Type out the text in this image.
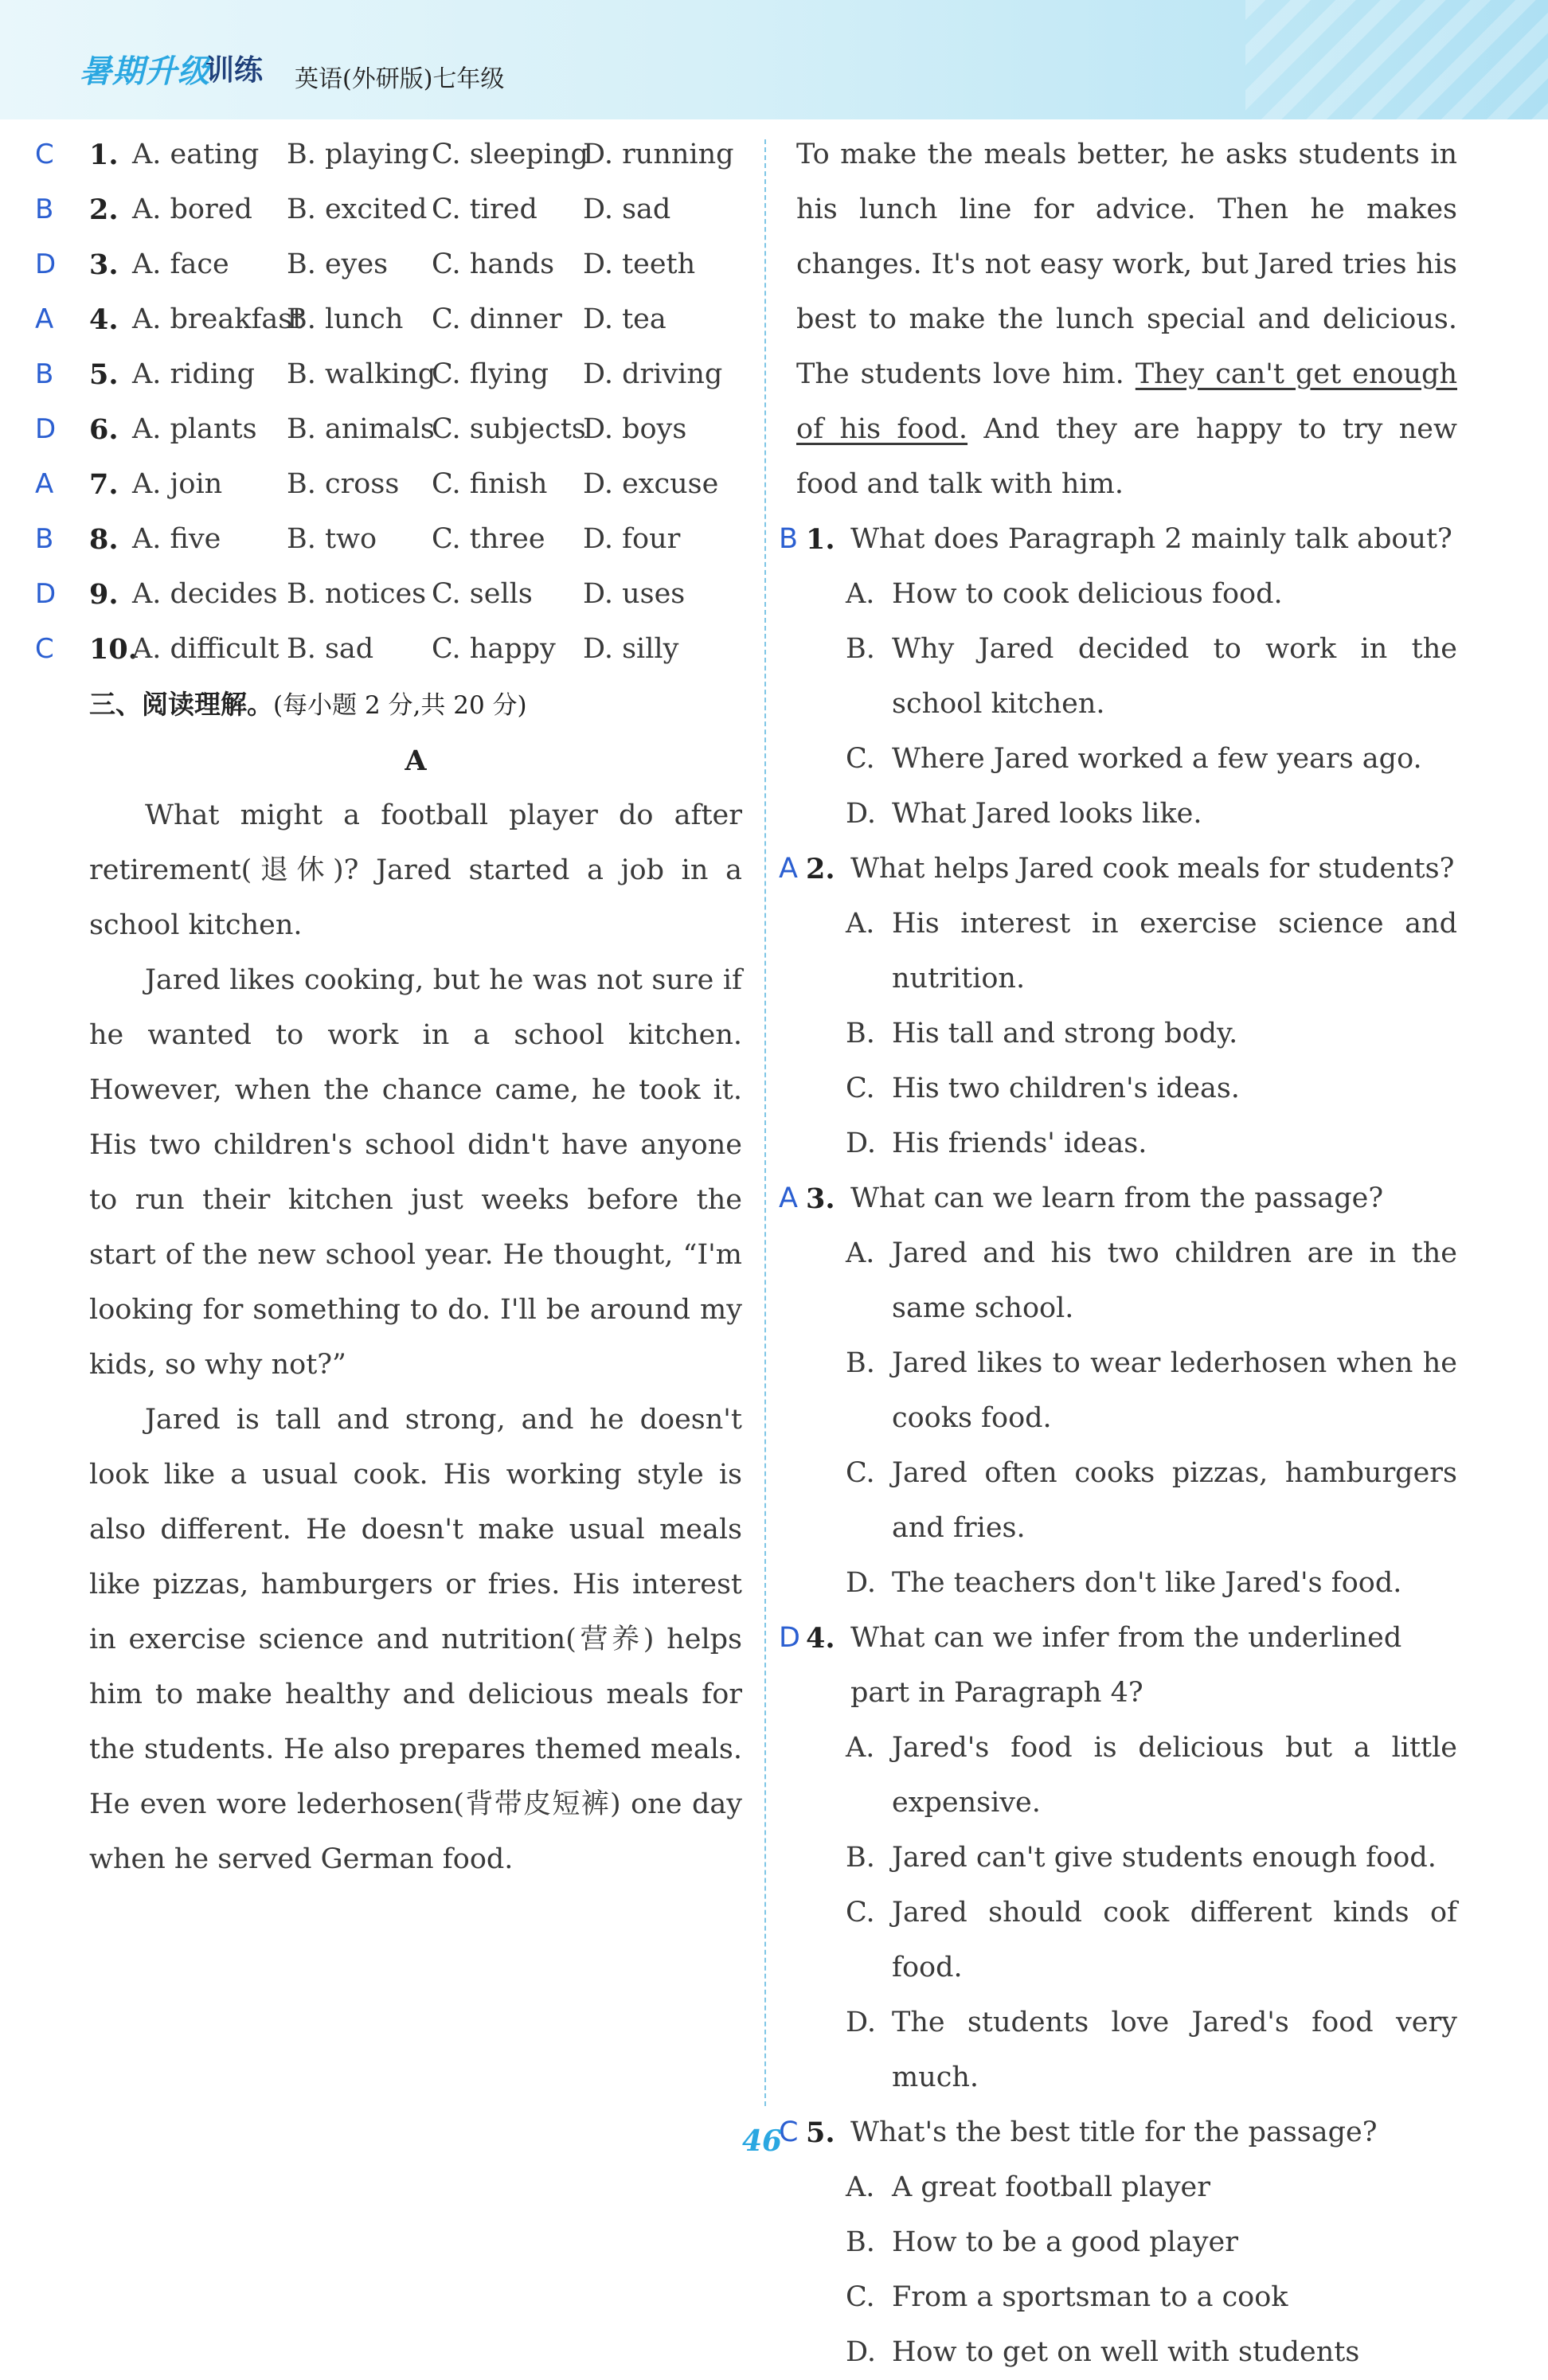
暑期升级
训练 英语(外研版)七年级
C 1. A. eating B. playing C. sleeping
D. running
B 2. A. bored B. excited C. tired D. sad
D 3. A. face B. eyes C. hands D. teeth
A 4. A. breakfast
B. lunch C. dinner D. tea
B 5. A. riding B. walking
C. flying D. driving
D 6. A. plants B. animals
C. subjects
D. boys
A 7. A. join B. cross C. finish D. excuse
B 8. A. five B. two C. three D. four
D 9. A. decides B. notices C. sells D. uses
C 10.
A. difficult B. sad C. happy D. silly
三、阅读理解。(每小题 2 分,共 20 分)
A

What might a football player do after retirement(退休)? Jared started a job in a school kitchen.

Jared likes cooking, but he was not sure if he wanted to work in a school kitchen. However, when the chance came, he took it. His two children's school didn't have anyone to run their kitchen just weeks before the start of the new school year. He thought, “I'm looking for something to do. I'll be around my kids, so why not?”

Jared is tall and strong, and he doesn't look like a usual cook. His working style is also different. He doesn't make usual meals like pizzas, hamburgers or fries. His interest in exercise science and nutrition(营养) helps him to make healthy and delicious meals for the students. He also prepares themed meals. He even wore lederhosen(背带皮短裤) one day when he served German food.

To make the meals better, he asks students in his lunch line for advice. Then he makes changes. It's not easy work, but Jared tries his best to make the lunch special and delicious. The students love him. They can't get enough of his food. And they are happy to try new food and talk with him.

B 1. What does Paragraph 2 mainly talk about?
A. How to cook delicious food.
B. Why Jared decided to work in the school kitchen.
C. Where Jared worked a few years ago.
D. What Jared looks like.
A 2. What helps Jared cook meals for students?
A. His interest in exercise science and nutrition.
B. His tall and strong body.
C. His two children's ideas.
D. His friends' ideas.
A 3. What can we learn from the passage?
A. Jared and his two children are in the same school.
B. Jared likes to wear lederhosen when he cooks food.
C. Jared often cooks pizzas, hamburgers and fries.
D. The teachers don't like Jared's food.
D 4. What can we infer from the underlined part in Paragraph 4?
A. Jared's food is delicious but a little expensive.
B. Jared can't give students enough food.
C. Jared should cook different kinds of food.
D. The students love Jared's food very much.
C 5. What's the best title for the passage?
A. A great football player
B. How to be a good player
C. From a sportsman to a cook
D. How to get on well with students
46
